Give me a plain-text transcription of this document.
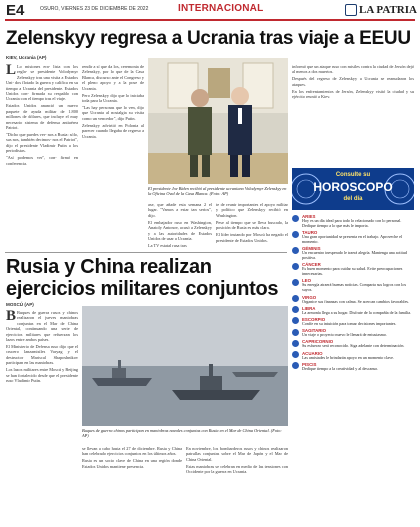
E4	OSURO, VIERNES 23 DE DICIEMBRE DE 2022	INTERNACIONAL	LA PATRIA
Zelenskyy regresa a Ucrania tras viaje a EEUU
KIEV, Ucrania (AP)

L Lo misiones era- lista con los regla- se presidente Volodymyr Zelenskyy tras una visita a Estados Uni- dos flotado la guerra y califica en su tiempo a Ucrania del presidente. Estados Unidos con- firmada su respaldo con Ucrania con el tiempo tras el viaje.

Estados Unidos ananció un nuevo paquete de ayuda militar de 1.800 millones de dólares, que incluye el muy necesario sistema de defensa antiaérea Patriot.

"Dicho que puedes ver- nos a Rusia: sólo, sus nos, también decimos- nos el Patriot", dijo el presidente Vladimir Putin a los periodistas.

"Así podemos ver", con- firmó en conferencia.

rendir a sí que da los, ceremonia de Zelenskyy, por lo que de la Casa Blanca, discurso ante el Congreso y el pleno apoyo y a la pose de Ucrania.

Pero Zelenskyy dijo que lo iniciaba toda para la Ucrania.

"Las hay personas que lo ven, dijo que Ucrania al nostalgia su visita como un vencedor", dijo Putin.

Zelenskyy advirtió en Polonia al parecer cuando llegaba de regreso a Ucrania.

El presidente Joe Biden recibió al presidente ucraniano Volodymyr Zelenskyy en la Oficina Oval de la Casa Blanca. (Foto: AP)

ase, que añade esta semana 2 el lugar. "Vamos a estar tan serios", dijo.

El embajador ruso en Washington, Anatoly Antonov, acusó a Zelenskyy y a las autoridades de Estados Unidos de usar a Ucrania.

La TV estatal rusa tras

te de reunir importantes el apoyo militar y político que Zelenskyy recibió en Washington.

Pese al tiempo que se lleva buscado, la posición de Rusia es más clara.

El líder instando por Moscú ha negado el presidente de Estados Unidos.

informó que un ataque ruso con misiles contra la ciudad de Jersón dejó al menos a dos muertos.

Después del regreso de Zelenskyy a Ucrania se reanudaron los ataques.

En los enfrentamientos de Jersón, Zelenskyy visitó la ciudad y su ejército reunió a Kiev.

Consulte su
HOROSCOPO
del día
ARIES
Hoy es un día ideal para todo lo relacionado con lo personal. Dedique tiempo a lo que más le importa.
TAURO
Una gran oportunidad se presenta en el trabajo. Aproveche el momento.
GÉMINIS
Un encuentro inesperado le traerá alegría. Mantenga una actitud positiva.
CÁNCER
Es buen momento para cuidar su salud. Evite preocupaciones innecesarias.
LEO
Su energía atraerá buenas noticias. Comparta sus logros con los suyos.
VIRGO
Organice sus finanzas con calma. Se acercan cambios favorables.
LIBRA
La armonía llega a su hogar. Disfrute de la compañía de la familia.
ESCORPIO
Confíe en su intuición para tomar decisiones importantes.
SAGITARIO
Un viaje o proyecto nuevo le llenará de entusiasmo.
CAPRICORNIO
Su esfuerzo será reconocido. Siga adelante con determinación.
ACUARIO
Las amistades le brindarán apoyo en un momento clave.
PISCIS
Dedique tiempo a la creatividad y al descanso.
Rusia y China realizan
ejercicios militares conjuntos
MOSCÚ (AP)

B Buques de guerra rusos y chinos realizaron el jueves maniobras conjuntas en el Mar de China Oriental, continuando una serie de ejercicios militares que refuerzan los lazos entre ambos países.

El Ministerio de Defensa ruso dijo que el crucero lanzamisiles Varyag y el destructor Mariscal Shaposhnikov participan en las maniobras.

Los lazos militares entre Moscú y Beijing se han fortalecido desde que el presidente ruso Vladimir Putin.

Buques de guerra chinos participan en maniobras navales conjuntas con Rusia en el Mar de China Oriental. (Foto: AP)

se llevan a cabo hasta el 27 de diciembre. Rusia y China han celebrado ejercicios conjuntos en los últimos años.

Rusia es un socio clave de China en una región donde Estados Unidos mantiene presencia.

En noviembre, los bombarderos rusos y chinos realizaron patrullas conjuntas sobre el Mar de Japón y el Mar de China Oriental.

Estas maniobras se celebran en medio de las tensiones con Occidente por la guerra en Ucrania.
